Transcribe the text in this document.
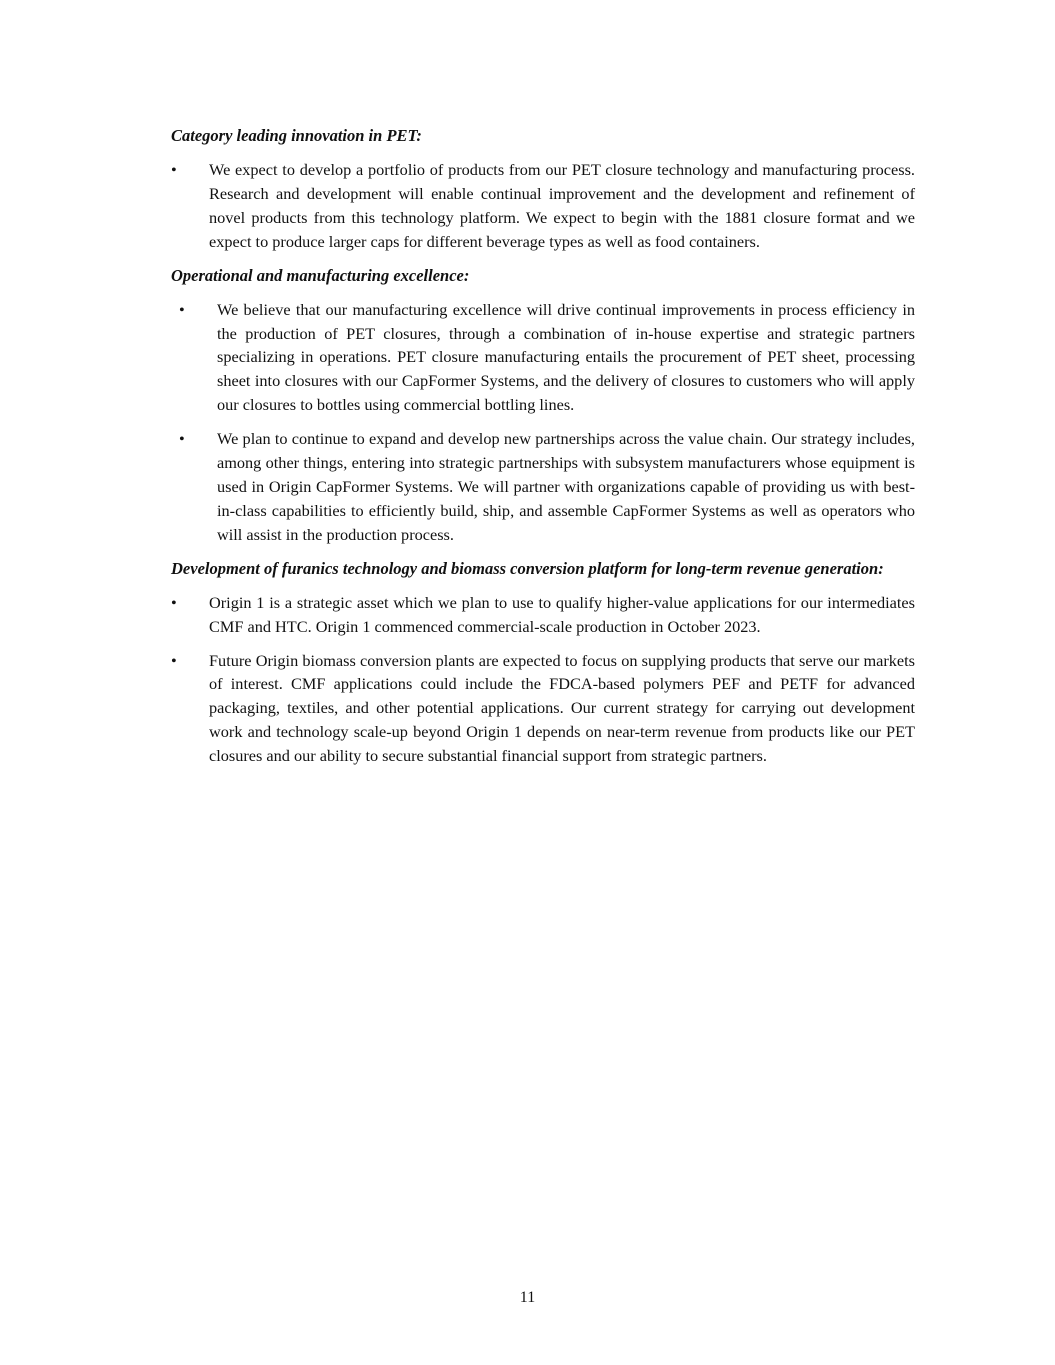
Category leading innovation in PET:
•	We expect to develop a portfolio of products from our PET closure technology and manufacturing process. Research and development will enable continual improvement and the development and refinement of novel products from this technology platform. We expect to begin with the 1881 closure format and we expect to produce larger caps for different beverage types as well as food containers.
Operational and manufacturing excellence:
•	We believe that our manufacturing excellence will drive continual improvements in process efficiency in the production of PET closures, through a combination of in-house expertise and strategic partners specializing in operations. PET closure manufacturing entails the procurement of PET sheet, processing sheet into closures with our CapFormer Systems, and the delivery of closures to customers who will apply our closures to bottles using commercial bottling lines.
•	We plan to continue to expand and develop new partnerships across the value chain. Our strategy includes, among other things, entering into strategic partnerships with subsystem manufacturers whose equipment is used in Origin CapFormer Systems. We will partner with organizations capable of providing us with best-in-class capabilities to efficiently build, ship, and assemble CapFormer Systems as well as operators who will assist in the production process.
Development of furanics technology and biomass conversion platform for long-term revenue generation:
•	Origin 1 is a strategic asset which we plan to use to qualify higher-value applications for our intermediates CMF and HTC. Origin 1 commenced commercial-scale production in October 2023.
•	Future Origin biomass conversion plants are expected to focus on supplying products that serve our markets of interest. CMF applications could include the FDCA-based polymers PEF and PETF for advanced packaging, textiles, and other potential applications. Our current strategy for carrying out development work and technology scale-up beyond Origin 1 depends on near-term revenue from products like our PET closures and our ability to secure substantial financial support from strategic partners.
11
